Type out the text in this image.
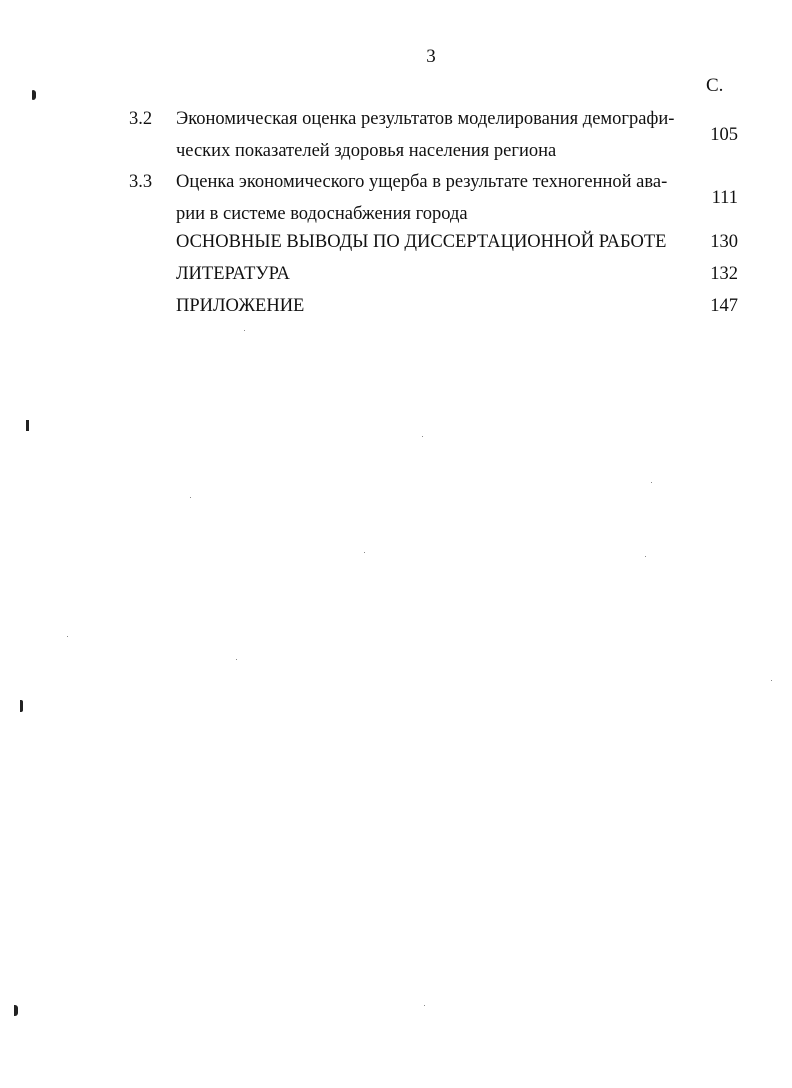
3
С.
3.2 Экономическая оценка результатов моделирования демографи-
ческих показателей здоровья населения региона
105
3.3 Оценка экономического ущерба в результате техногенной ава-
рии в системе водоснабжения города
111
ОСНОВНЫЕ ВЫВОДЫ ПО ДИССЕРТАЦИОННОЙ РАБОТЕ	130
ЛИТЕРАТУРА	132
ПРИЛОЖЕНИЕ	147
